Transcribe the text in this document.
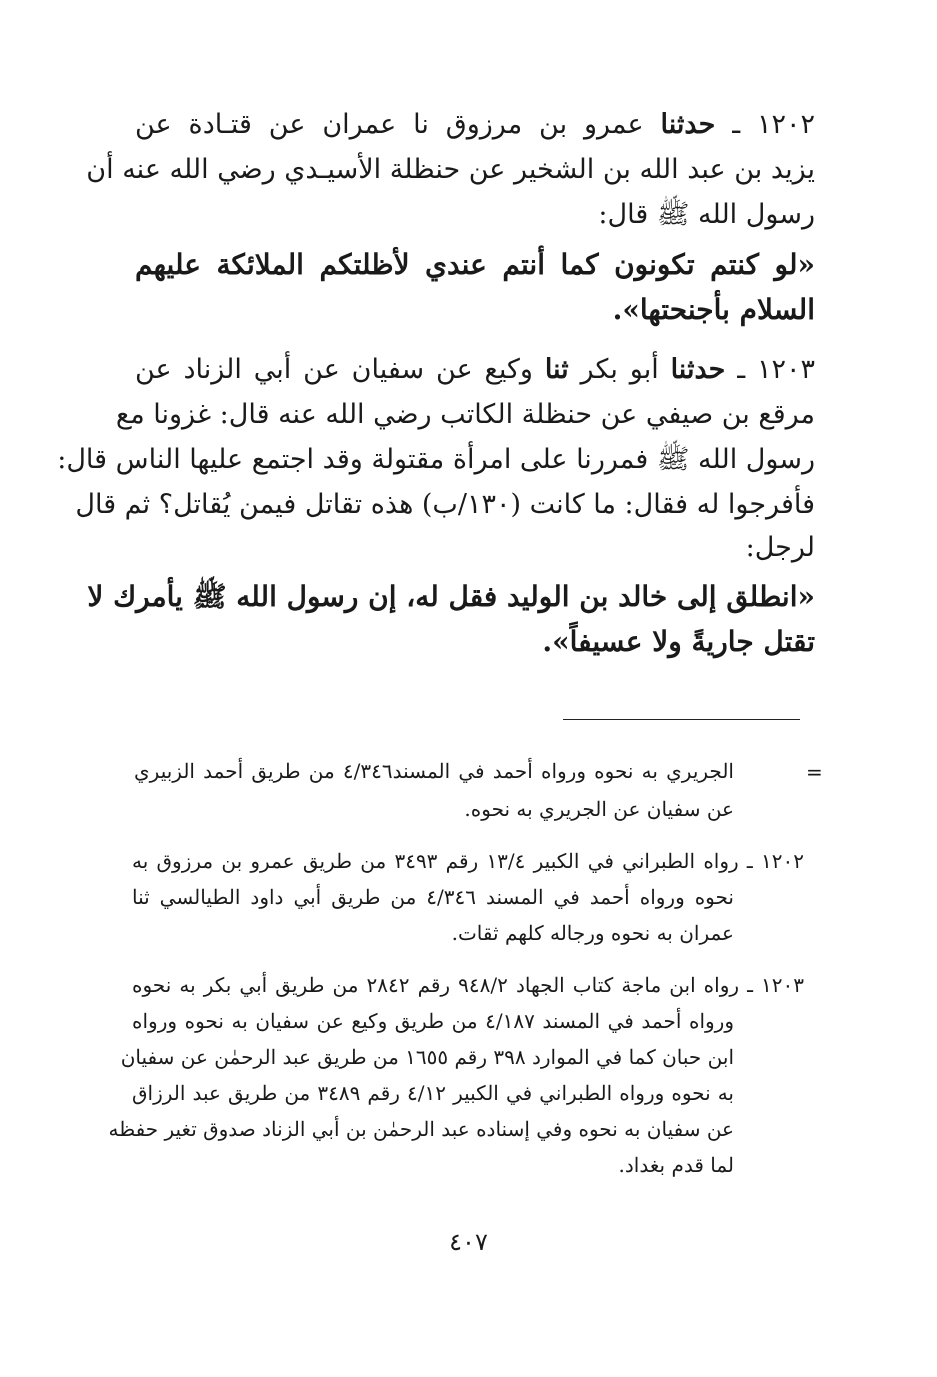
١٢٠٢ ـ حدثنا عمرو بن مرزوق نا عمران عن قتـادة عن
يزيد بن عبد الله بن الشخير عن حنظلة الأسيـدي رضي الله عنه أن
رسول الله ﷺ قال:
«لو كنتم تكونون كما أنتم عندي لأظلتكم الملائكة عليهم
السلام بأجنحتها».
١٢٠٣ ـ حدثنا أبو بكر ثنا وكيع عن سفيان عن أبي الزناد عن
مرقع بن صيفي عن حنظلة الكاتب رضي الله عنه قال: غزونا مع
رسول الله ﷺ فمررنا على امرأة مقتولة وقد اجتمع عليها الناس قال:
فأفرجوا له فقال: ما كانت (١٣٠/ب) هذه تقاتل فيمن يُقاتل؟ ثم قال
لرجل:
«انطلق إلى خالد بن الوليد فقل له، إن رسول الله ﷺ يأمرك لا
تقتل جاريةً ولا عسيفاً».
=
الجريري به نحوه ورواه أحمد في المسند٤/٣٤٦ من طريق أحمد الزبيري
عن سفيان عن الجريري به نحوه.
١٢٠٢ ـ رواه الطبراني في الكبير ١٣/٤ رقم ٣٤٩٣ من طريق عمرو بن مرزوق به
نحوه ورواه أحمد في المسند ٤/٣٤٦ من طريق أبي داود الطيالسي ثنا
عمران به نحوه ورجاله كلهم ثقات.
١٢٠٣ ـ رواه ابن ماجة كتاب الجهاد ٩٤٨/٢ رقم ٢٨٤٢ من طريق أبي بكر به نحوه
ورواه أحمد في المسند ٤/١٨٧ من طريق وكيع عن سفيان به نحوه ورواه
ابن حبان كما في الموارد ٣٩٨ رقم ١٦٥٥ من طريق عبد الرحمٰن عن سفيان
به نحوه ورواه الطبراني في الكبير ٤/١٢ رقم ٣٤٨٩ من طريق عبد الرزاق
عن سفيان به نحوه وفي إسناده عبد الرحمٰن بن أبي الزناد صدوق تغير حفظه
لما قدم بغداد.
٤٠٧
